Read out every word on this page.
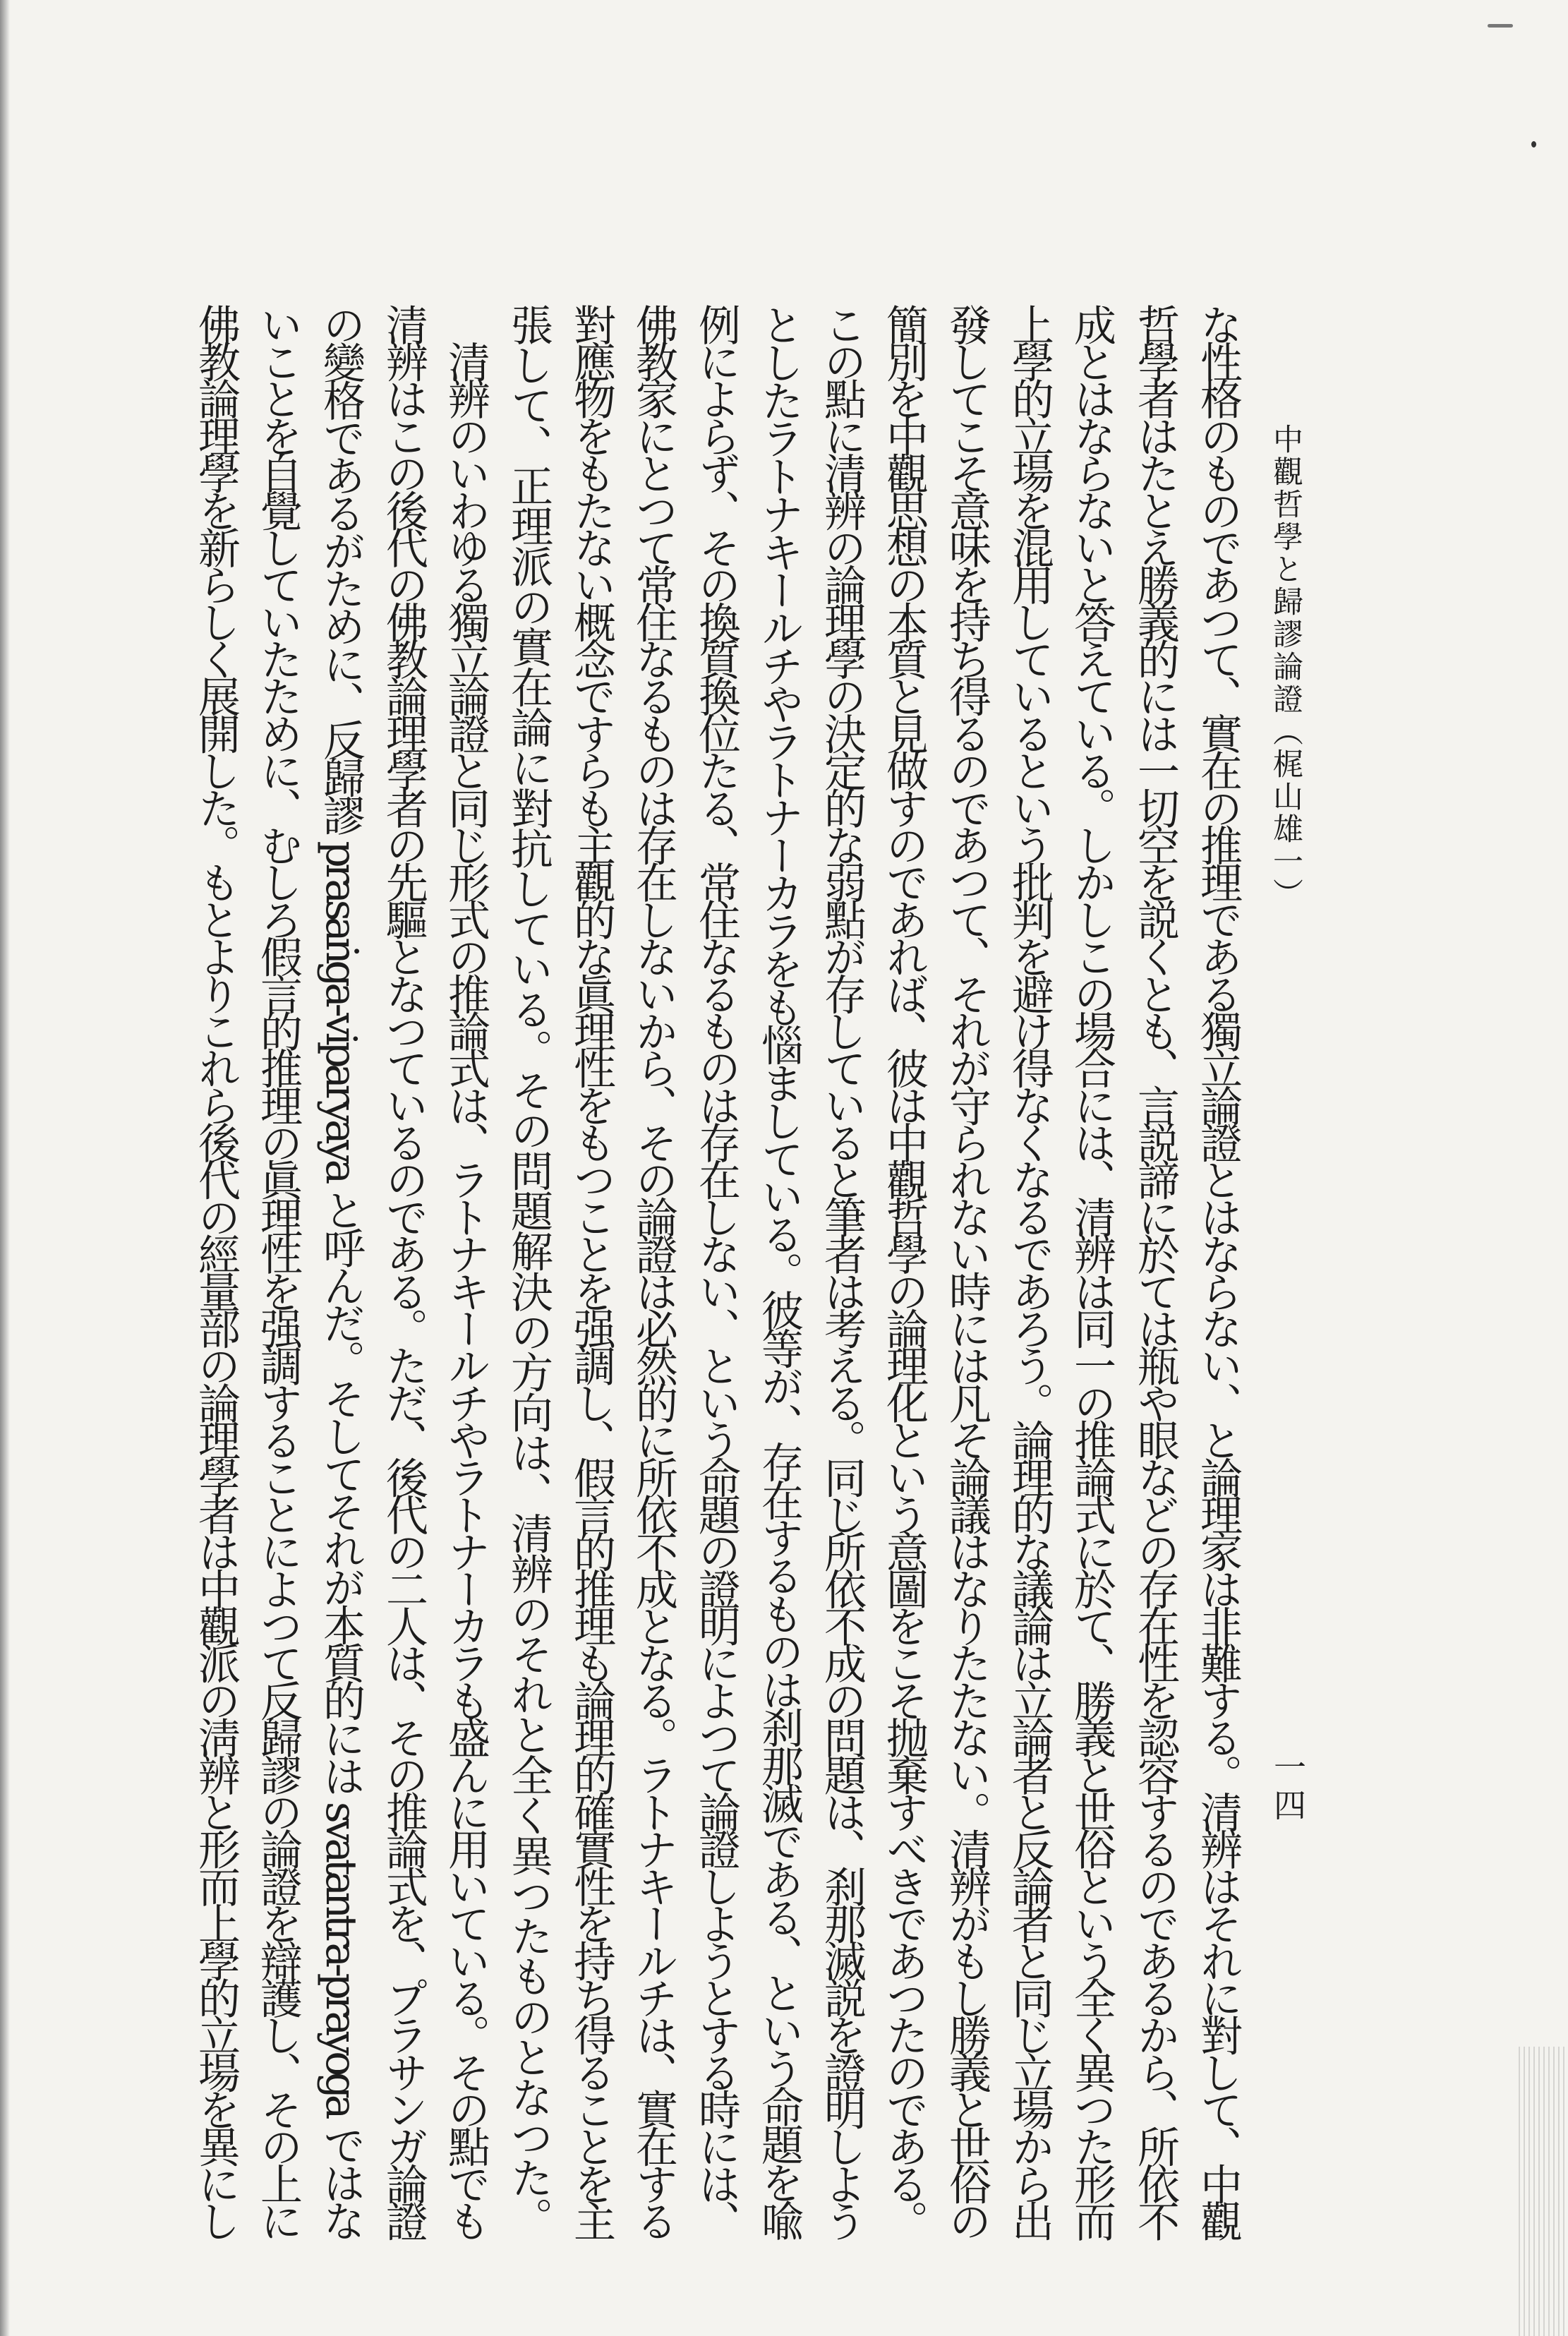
中觀哲學と歸謬論證（梶山雄一）
一四
な性格のものであつて、實在の推理である獨立論證とはならない、と論理家は非難する。清辨はそれに對して、中觀
哲學者はたとえ勝義的には一切空を説くとも、言説諦に於ては瓶や眼などの存在性を認容するのであるから、所依不
成とはならないと答えている。しかしこの場合には、清辨は同一の推論式に於て、勝義と世俗という全く異つた形而
上學的立場を混用しているという批判を避け得なくなるであろう。論理的な議論は立論者と反論者と同じ立場から出
發してこそ意味を持ち得るのであつて、それが守られない時には凡そ論議はなりたたない。清辨がもし勝義と世俗の
簡別を中觀思想の本質と見做すのであれば、彼は中觀哲學の論理化という意圖をこそ抛棄すべきであつたのである。
この點に清辨の論理學の決定的な弱點が存していると筆者は考える。同じ所依不成の問題は、刹那滅説を證明しよう
としたラトナキールチやラトナーカラをも惱ましている。彼等が、存在するものは刹那滅である、という命題を喩
例によらず、その換質換位たる、常住なるものは存在しない、という命題の證明によつて論證しようとする時には、
佛教家にとつて常住なるものは存在しないから、その論證は必然的に所依不成となる。ラトナキールチは、實在する
對應物をもたない概念ですらも主觀的な眞理性をもつことを强調し、假言的推理も論理的確實性を持ち得ることを主
張して、正理派の實在論に對抗している。その問題解決の方向は、清辨のそれと全く異つたものとなつた。
　清辨のいわゆる獨立論證と同じ形式の推論式は、ラトナキールチやラトナーカラも盛んに用いている。その點でも
清辨はこの後代の佛教論理學者の先驅となつているのである。ただ、後代の二人は、その推論式を、プラサンガ論證
の變格であるがために、反歸謬 prasaṅga-viparyaya と呼んだ。そしてそれが本質的には svatantra-prayoga ではな
いことを自覺していたために、むしろ假言的推理の眞理性を强調することによつて反歸謬の論證を辯護し、その上に
佛教論理學を新らしく展開した。もとよりこれら後代の經量部の論理學者は中觀派の淸辨と形而上學的立場を異にし
